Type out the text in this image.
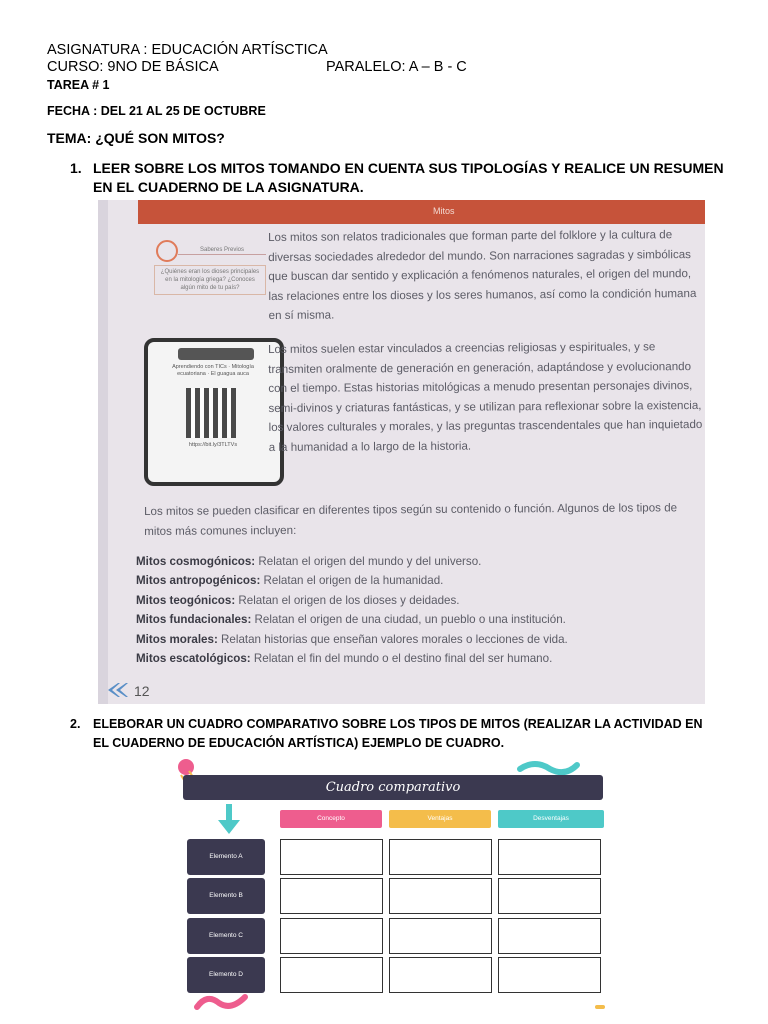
ASIGNATURA : EDUCACIÓN ARTÍSCTICA
CURSO: 9NO DE BÁSICA	PARALELO: A – B - C
TAREA # 1
FECHA : DEL 21 AL 25 DE OCTUBRE
TEMA: ¿QUÉ SON MITOS?
1. LEER SOBRE LOS MITOS TOMANDO EN CUENTA SUS TIPOLOGÍAS Y REALICE UN RESUMEN EN EL CUADERNO DE LA ASIGNATURA.
Mitos
Saberes Previos
¿Quiénes eran los dioses principales en la mitología griega? ¿Conoces algún mito de tu país?
Aprendiendo con TICs · Mitología ecuatoriana · El guagua auca
https://bit.ly/3TLTVs
Los mitos son relatos tradicionales que forman parte del folklore y la cultura de diversas sociedades alrededor del mundo. Son narraciones sagradas y simbólicas que buscan dar sentido y explicación a fenómenos naturales, el origen del mundo, las relaciones entre los dioses y los seres humanos, así como la condición humana en sí misma.
Los mitos suelen estar vinculados a creencias religiosas y espirituales, y se transmiten oralmente de generación en generación, adaptándose y evolucionando con el tiempo. Estas historias mitológicas a menudo presentan personajes divinos, semi-divinos y criaturas fantásticas, y se utilizan para reflexionar sobre la existencia, los valores culturales y morales, y las preguntas trascendentales que han inquietado a la humanidad a lo largo de la historia.
Los mitos se pueden clasificar en diferentes tipos según su contenido o función. Algunos de los tipos de mitos más comunes incluyen:
Mitos cosmogónicos: Relatan el origen del mundo y del universo.
Mitos antropogénicos: Relatan el origen de la humanidad.
Mitos teogónicos: Relatan el origen de los dioses y deidades.
Mitos fundacionales: Relatan el origen de una ciudad, un pueblo o una institución.
Mitos morales: Relatan historias que enseñan valores morales o lecciones de vida.
Mitos escatológicos: Relatan el fin del mundo o el destino final del ser humano.
12
2. ELEBORAR UN CUADRO COMPARATIVO SOBRE LOS TIPOS DE MITOS (REALIZAR LA ACTIVIDAD EN EL CUADERNO DE EDUCACIÓN ARTÍSTICA) EJEMPLO DE CUADRO.
Cuadro comparativo
Concepto	Ventajas	Desventajas
Elemento A
Elemento B
Elemento C
Elemento D
